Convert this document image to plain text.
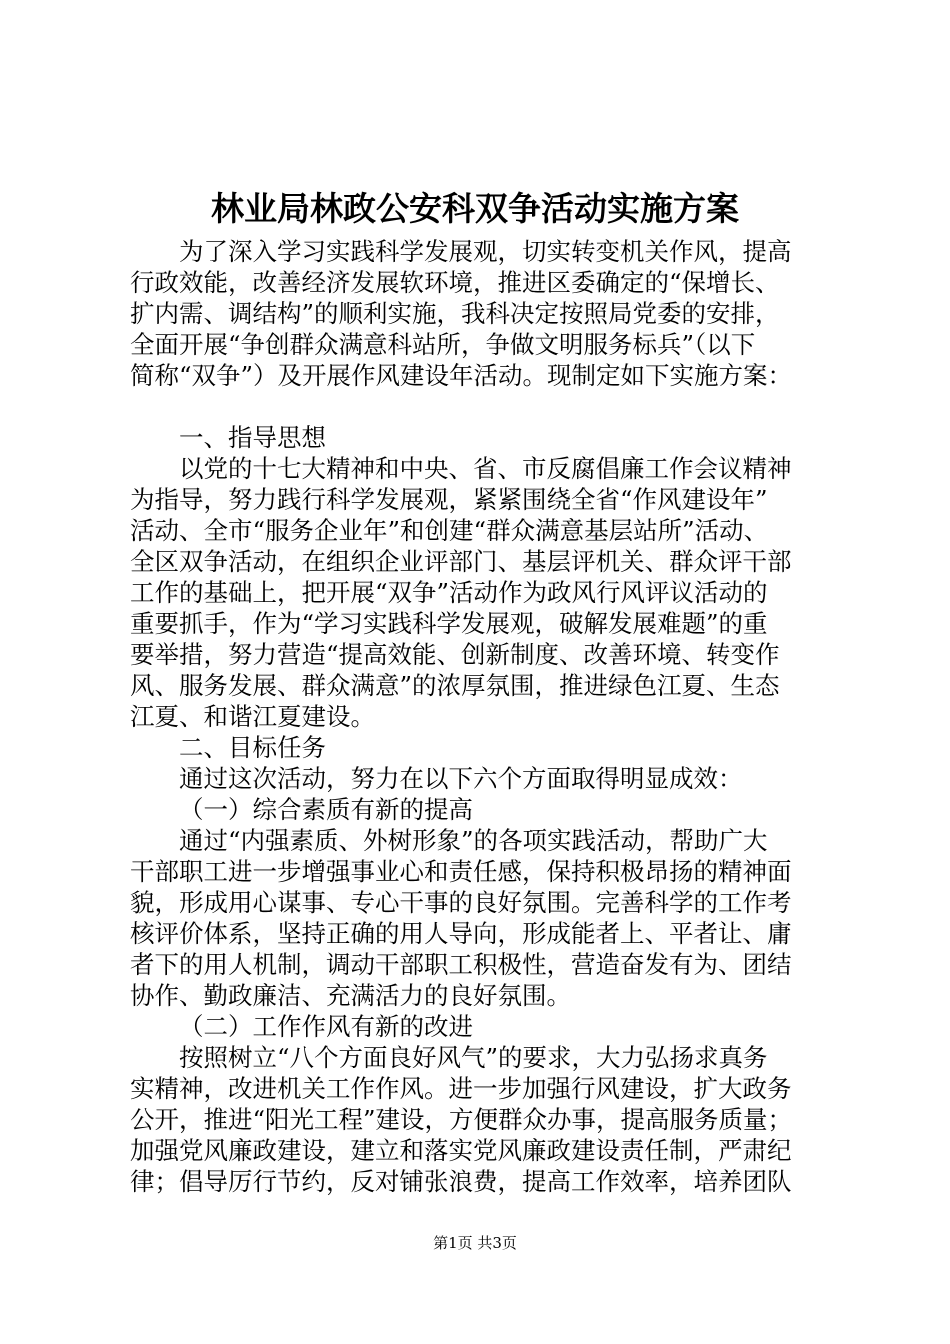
林业局林政公安科双争活动实施方案
为了深入学习实践科学发展观，切实转变机关作风，提高
行政效能，改善经济发展软环境，推进区委确定的“保增长、
扩内需、调结构”的顺利实施，我科决定按照局党委的安排，
全面开展“争创群众满意科站所，争做文明服务标兵”（以下
简称“双争”）及开展作风建设年活动。现制定如下实施方案：
一、指导思想
以党的十七大精神和中央、省、市反腐倡廉工作会议精神
为指导，努力践行科学发展观，紧紧围绕全省“作风建设年”
活动、全市“服务企业年”和创建“群众满意基层站所”活动、
全区双争活动，在组织企业评部门、基层评机关、群众评干部
工作的基础上，把开展“双争”活动作为政风行风评议活动的
重要抓手，作为“学习实践科学发展观，破解发展难题”的重
要举措，努力营造“提高效能、创新制度、改善环境、转变作
风、服务发展、群众满意”的浓厚氛围，推进绿色江夏、生态
江夏、和谐江夏建设。
二、目标任务
通过这次活动，努力在以下六个方面取得明显成效：
（一）综合素质有新的提高
通过“内强素质、外树形象”的各项实践活动，帮助广大
干部职工进一步增强事业心和责任感，保持积极昂扬的精神面
貌，形成用心谋事、专心干事的良好氛围。完善科学的工作考
核评价体系，坚持正确的用人导向，形成能者上、平者让、庸
者下的用人机制，调动干部职工积极性，营造奋发有为、团结
协作、勤政廉洁、充满活力的良好氛围。
（二）工作作风有新的改进
按照树立“八个方面良好风气”的要求，大力弘扬求真务
实精神，改进机关工作作风。进一步加强行风建设，扩大政务
公开，推进“阳光工程”建设，方便群众办事，提高服务质量；
加强党风廉政建设，建立和落实党风廉政建设责任制，严肃纪
律；倡导厉行节约，反对铺张浪费，提高工作效率，培养团队
第1页 共3页
